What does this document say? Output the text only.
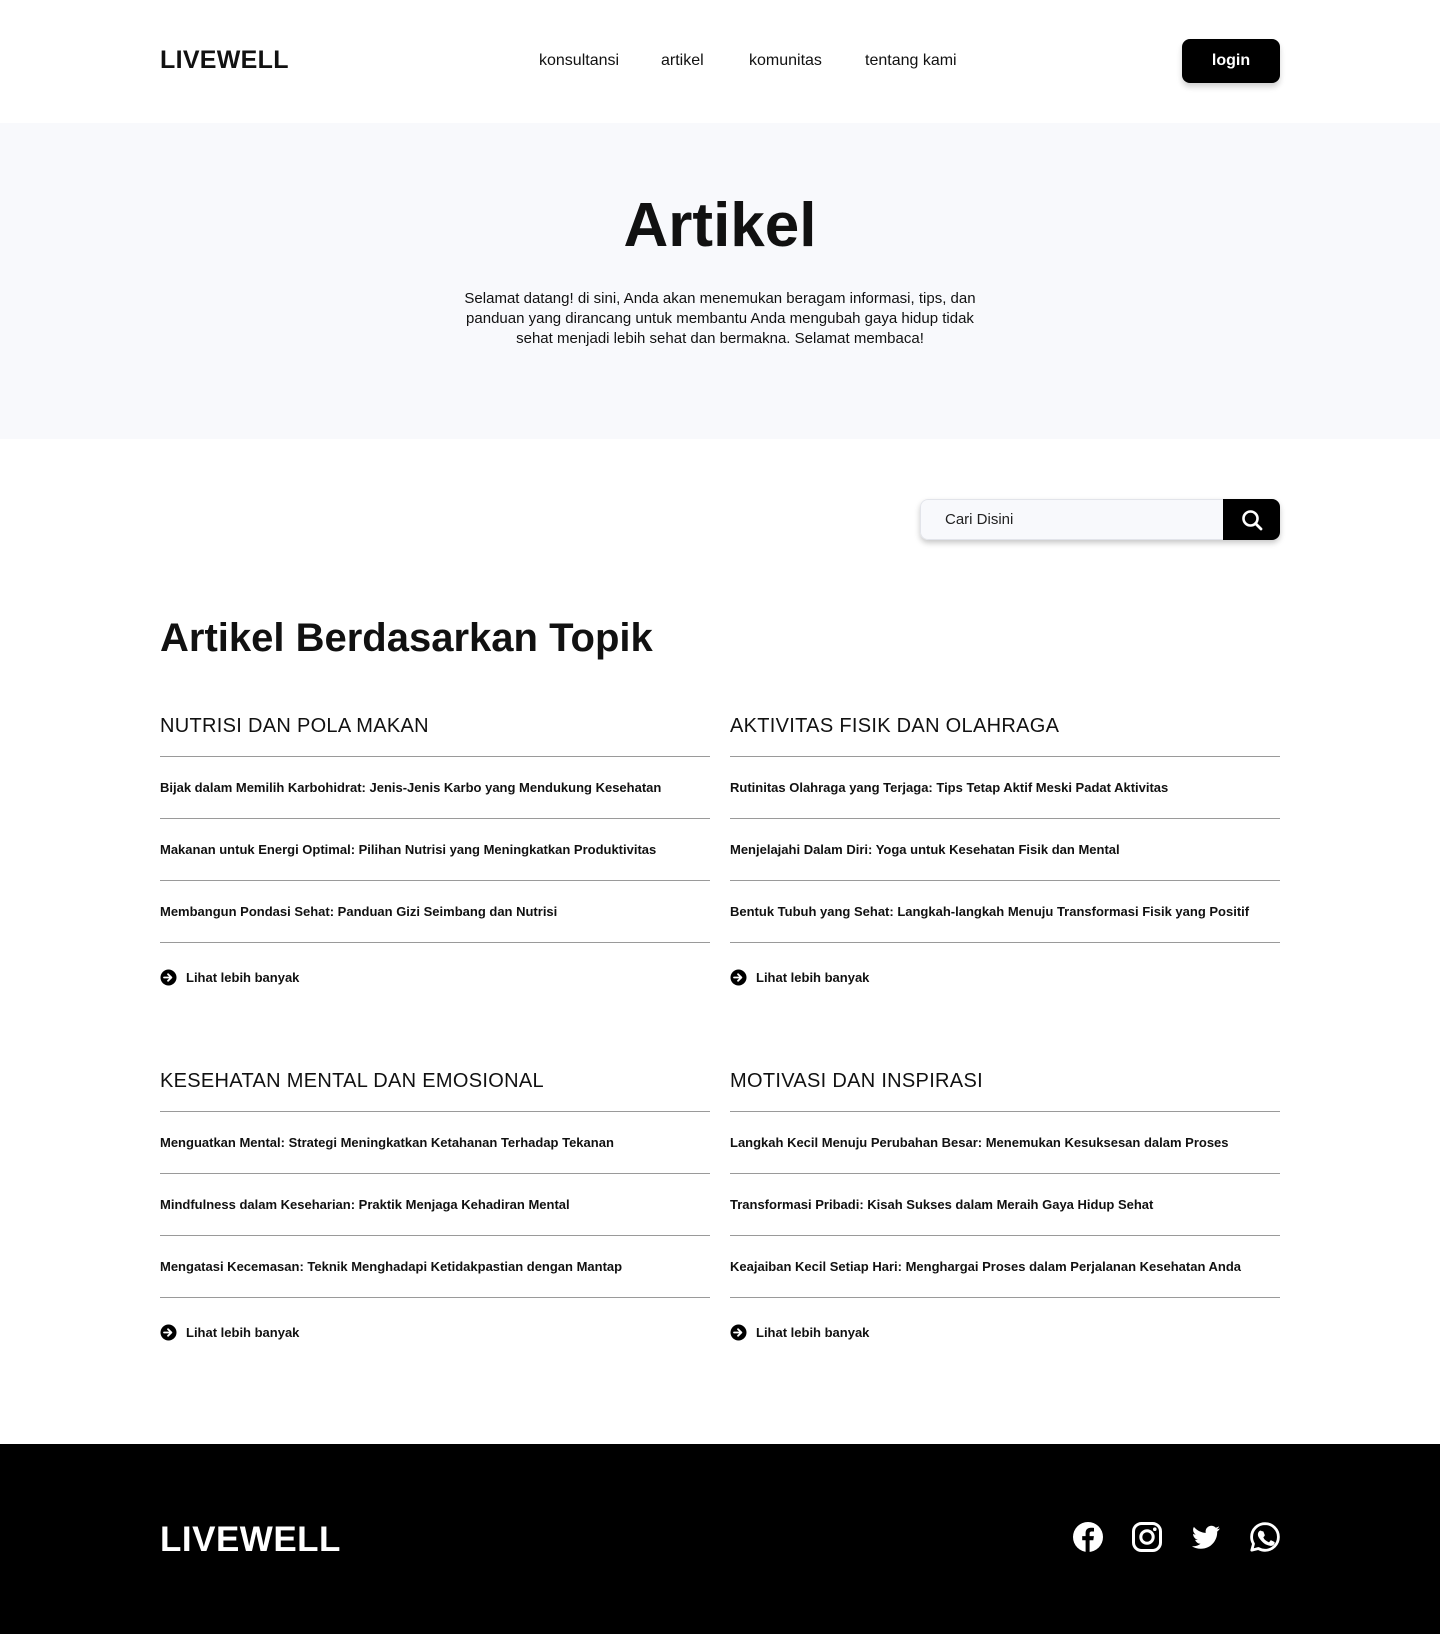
LIVEWELL	konsultansi	artikel	komunitas	tentang kami	login
Artikel
Selamat datang! di sini, Anda akan menemukan beragam informasi, tips, dan panduan yang dirancang untuk membantu Anda mengubah gaya hidup tidak sehat menjadi lebih sehat dan bermakna. Selamat membaca!
Cari Disini
Artikel Berdasarkan Topik
NUTRISI DAN POLA MAKAN
Bijak dalam Memilih Karbohidrat: Jenis-Jenis Karbo yang Mendukung Kesehatan
Makanan untuk Energi Optimal: Pilihan Nutrisi yang Meningkatkan Produktivitas
Membangun Pondasi Sehat: Panduan Gizi Seimbang dan Nutrisi
Lihat lebih banyak
AKTIVITAS FISIK DAN OLAHRAGA
Rutinitas Olahraga yang Terjaga: Tips Tetap Aktif Meski Padat Aktivitas
Menjelajahi Dalam Diri: Yoga untuk Kesehatan Fisik dan Mental
Bentuk Tubuh yang Sehat: Langkah-langkah Menuju Transformasi Fisik yang Positif
Lihat lebih banyak
KESEHATAN MENTAL DAN EMOSIONAL
Menguatkan Mental: Strategi Meningkatkan Ketahanan Terhadap Tekanan
Mindfulness dalam Keseharian: Praktik Menjaga Kehadiran Mental
Mengatasi Kecemasan: Teknik Menghadapi Ketidakpastian dengan Mantap
Lihat lebih banyak
MOTIVASI DAN INSPIRASI
Langkah Kecil Menuju Perubahan Besar: Menemukan Kesuksesan dalam Proses
Transformasi Pribadi: Kisah Sukses dalam Meraih Gaya Hidup Sehat
Keajaiban Kecil Setiap Hari: Menghargai Proses dalam Perjalanan Kesehatan Anda
Lihat lebih banyak
LIVEWELL
